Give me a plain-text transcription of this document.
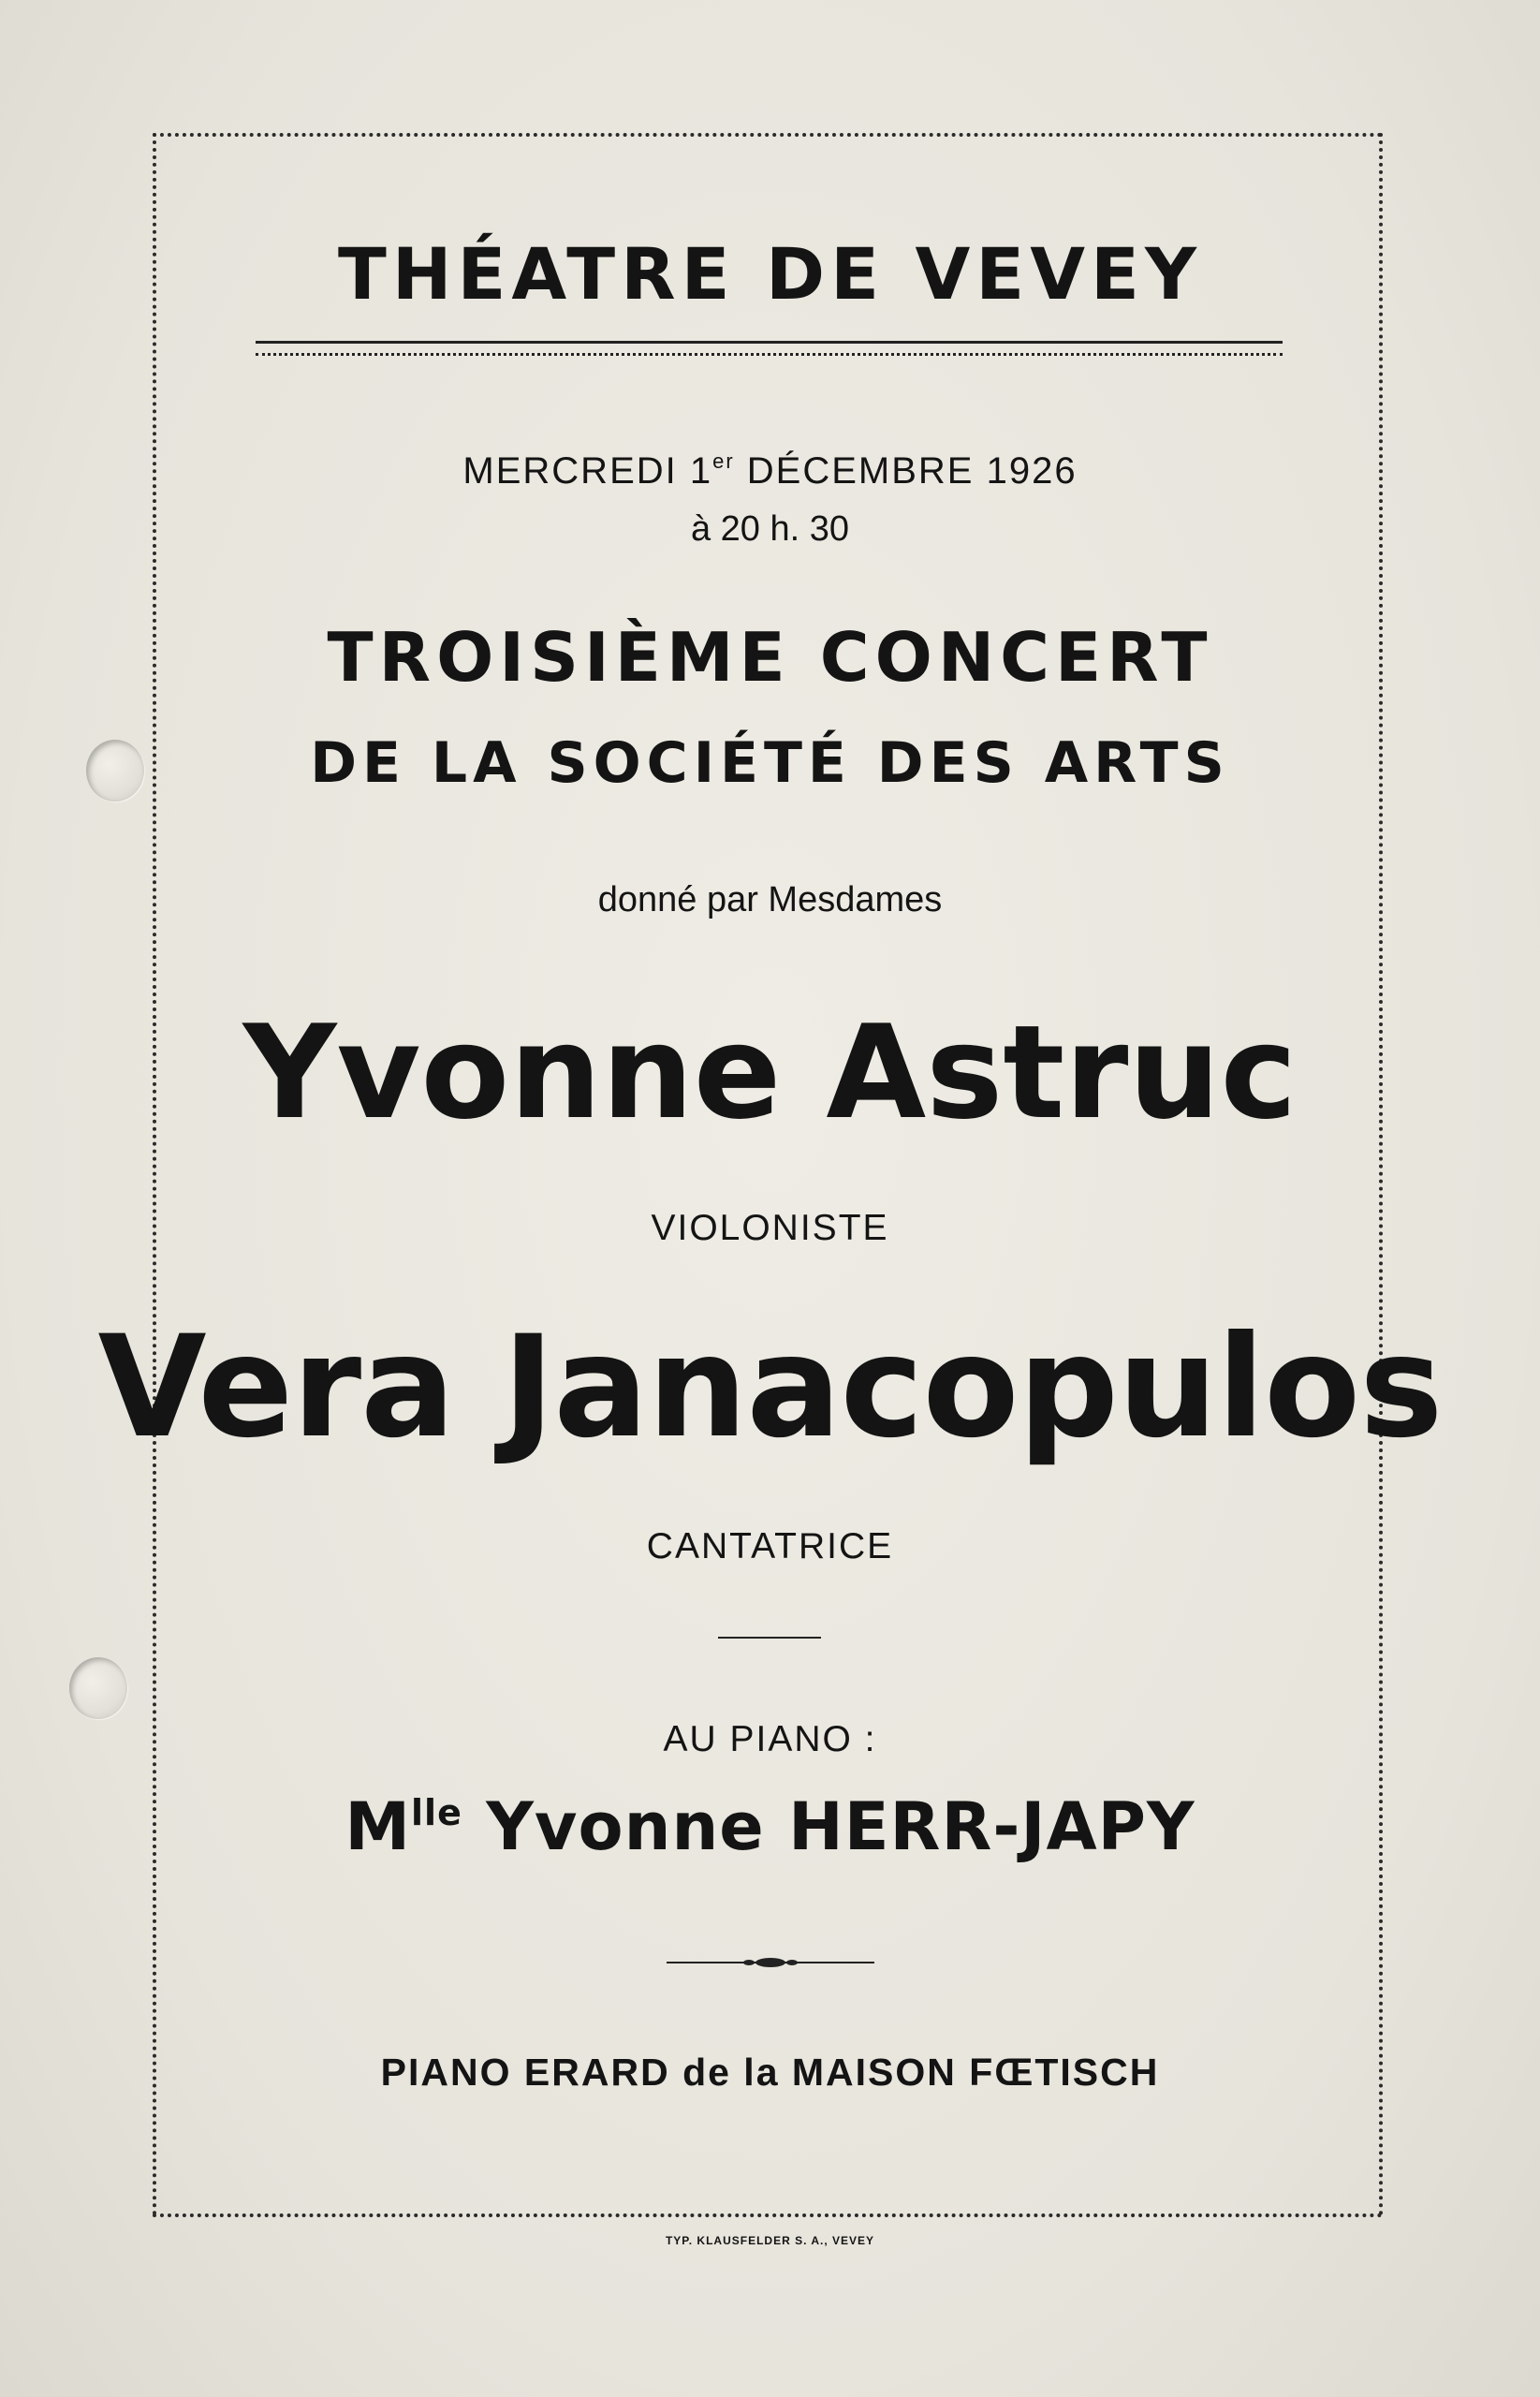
THÉATRE DE VEVEY
MERCREDI 1er DÉCEMBRE 1926
à 20 h. 30
TROISIÈME CONCERT
DE LA SOCIÉTÉ DES ARTS
donné par Mesdames
Yvonne Astruc
VIOLONISTE
Vera Janacopulos
CANTATRICE
AU PIANO :
$M^{lle}$ Yvonne HERR-JAPY
PIANO ERARD de la MAISON FŒTISCH
TYP. KLAUSFELDER S. A., VEVEY
